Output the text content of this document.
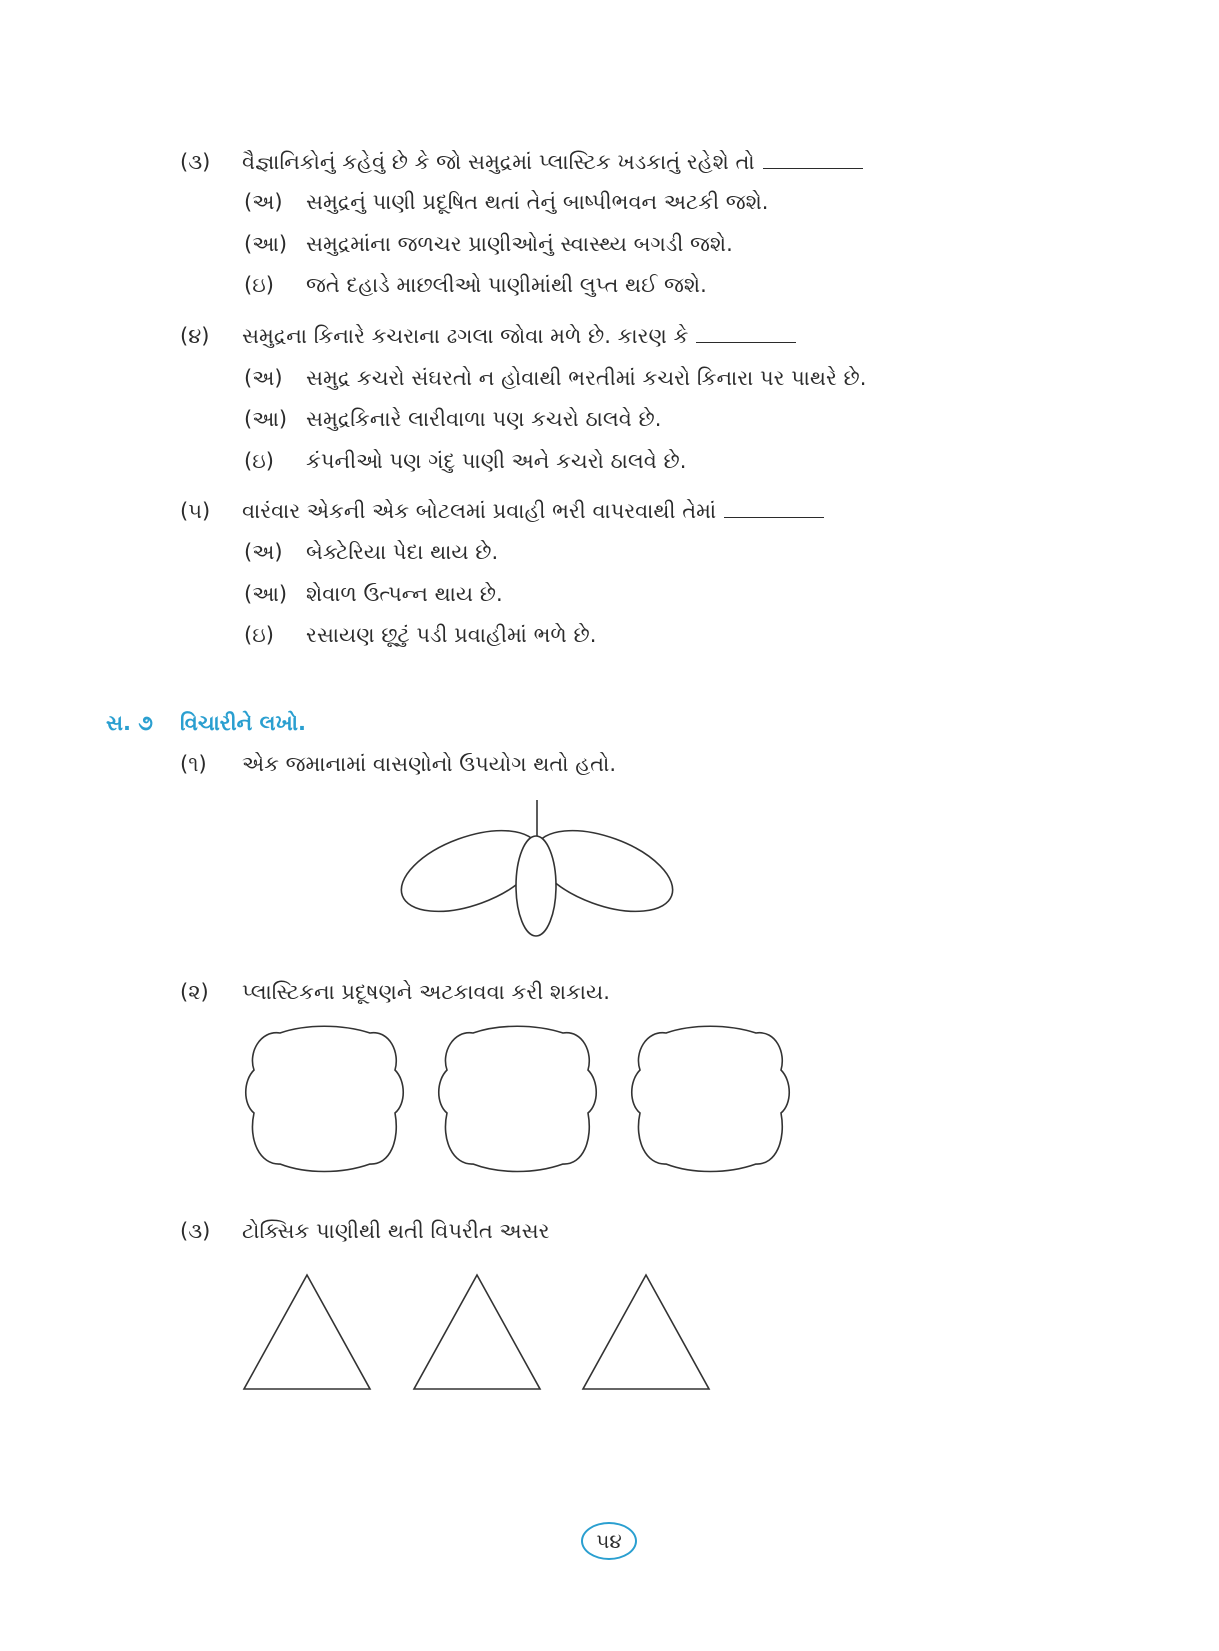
(૩) વૈજ્ઞાનિકોનું કહેવું છે કે જો સમુદ્રમાં પ્લાસ્ટિક ખડકાતું રહેશે તો
(અ) સમુદ્રનું પાણી પ્રદૂષિત થતાં તેનું બાષ્પીભવન અટકી જશે.
(આ) સમુદ્રમાંના જળચર પ્રાણીઓનું સ્વાસ્થ્ય બગડી જશે.
(ઇ) જતે દહાડે માછલીઓ પાણીમાંથી લુપ્ત થઈ જશે.
(૪) સમુદ્રના કિનારે કચરાના ઢગલા જોવા મળે છે. કારણ કે
(અ) સમુદ્ર કચરો સંઘરતો ન હોવાથી ભરતીમાં કચરો કિનારા પર પાથરે છે.
(આ) સમુદ્રકિનારે લારીવાળા પણ કચરો ઠાલવે છે.
(ઇ) કંપનીઓ પણ ગંદુ પાણી અને કચરો ઠાલવે છે.
(૫) વારંવાર એકની એક બોટલમાં પ્રવાહી ભરી વાપરવાથી તેમાં
(અ) બેક્ટેરિયા પેદા થાય છે.
(આ) શેવાળ ઉત્પન્ન થાય છે.
(ઇ) રસાયણ છૂટું પડી પ્રવાહીમાં ભળે છે.
સ. ૭ વિચારીને લખો.
(૧) એક જમાનામાં વાસણોનો ઉપયોગ થતો હતો.
(૨) પ્લાસ્ટિકના પ્રદૂષણને અટકાવવા કરી શકાય.
(૩) ટોક્સિક પાણીથી થતી વિપરીત અસર
૫૪
